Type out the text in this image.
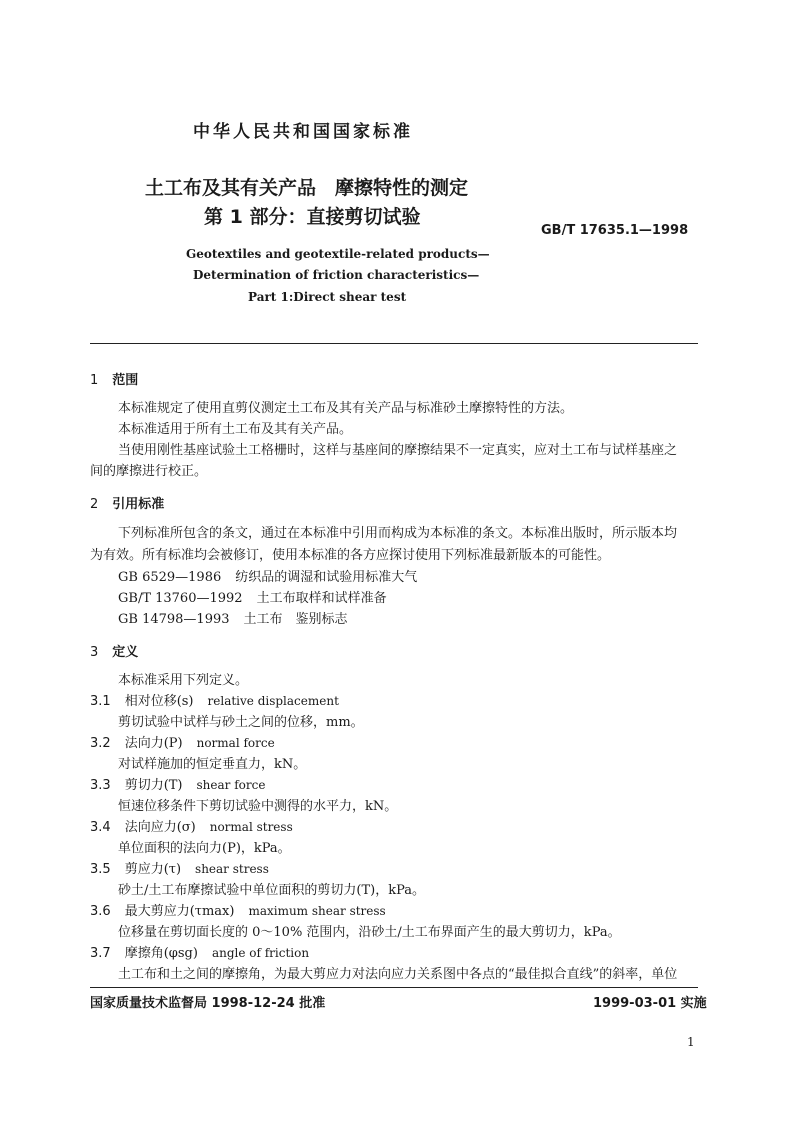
中华人民共和国国家标准
土工布及其有关产品　摩擦特性的测定
第 1 部分：直接剪切试验
GB/T 17635.1—1998
Geotextiles and geotextile-related products—
Determination of friction characteristics—
Part 1:Direct shear test
1 范围
本标准规定了使用直剪仪测定土工布及其有关产品与标准砂土摩擦特性的方法。
本标准适用于所有土工布及其有关产品。
当使用刚性基座试验土工格栅时，这样与基座间的摩擦结果不一定真实，应对土工布与试样基座之
间的摩擦进行校正。
2 引用标准
下列标准所包含的条文，通过在本标准中引用而构成为本标准的条文。本标准出版时，所示版本均
为有效。所有标准均会被修订，使用本标准的各方应探讨使用下列标准最新版本的可能性。
GB 6529—1986 纺织品的调湿和试验用标准大气
GB/T 13760—1992 土工布取样和试样准备
GB 14798—1993 土工布　鉴别标志
3 定义
本标准采用下列定义。
3.1 相对位移(s) relative displacement
剪切试验中试样与砂土之间的位移，mm。
3.2 法向力(P) normal force
对试样施加的恒定垂直力，kN。
3.3 剪切力(T) shear force
恒速位移条件下剪切试验中测得的水平力，kN。
3.4 法向应力(σ) normal stress
单位面积的法向力(P)，kPa。
3.5 剪应力(τ) shear stress
砂土/土工布摩擦试验中单位面积的剪切力(T)，kPa。
3.6 最大剪应力(τmax) maximum shear stress
位移量在剪切面长度的 0～10% 范围内，沿砂土/土工布界面产生的最大剪切力，kPa。
3.7 摩擦角(φsg) angle of friction
土工布和土之间的摩擦角，为最大剪应力对法向应力关系图中各点的“最佳拟合直线”的斜率，单位
国家质量技术监督局 1998-12-24 批准	1999-03-01 实施
1
